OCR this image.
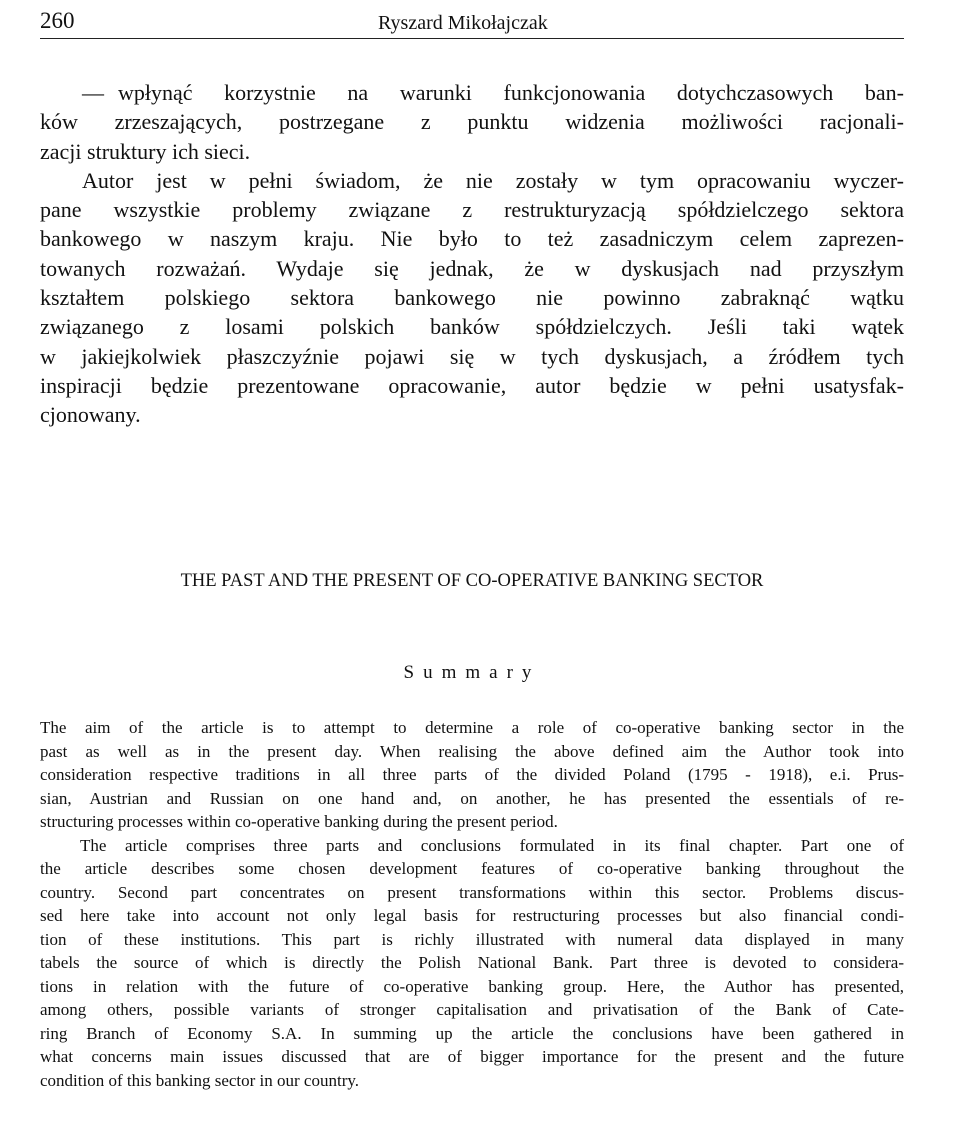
260	Ryszard Mikołajczak
— wpłynąć korzystnie na warunki funkcjonowania dotychczasowych ban-
ków zrzeszających, postrzegane z punktu widzenia możliwości racjonali-
zacji struktury ich sieci.
Autor jest w pełni świadom, że nie zostały w tym opracowaniu wyczer-
pane wszystkie problemy związane z restrukturyzacją spółdzielczego sektora
bankowego w naszym kraju. Nie było to też zasadniczym celem zaprezen-
towanych rozważań. Wydaje się jednak, że w dyskusjach nad przyszłym
kształtem polskiego sektora bankowego nie powinno zabraknąć wątku
związanego z losami polskich banków spółdzielczych. Jeśli taki wątek
w jakiejkolwiek płaszczyźnie pojawi się w tych dyskusjach, a źródłem tych
inspiracji będzie prezentowane opracowanie, autor będzie w pełni usatysfak-
cjonowany.
THE PAST AND THE PRESENT OF CO-OPERATIVE BANKING SECTOR
Summary
The aim of the article is to attempt to determine a role of co-operative banking sector in the
past as well as in the present day. When realising the above defined aim the Author took into
consideration respective traditions in all three parts of the divided Poland (1795 - 1918), e.i. Prus-
sian, Austrian and Russian on one hand and, on another, he has presented the essentials of re-
structuring processes within co-operative banking during the present period.
The article comprises three parts and conclusions formulated in its final chapter. Part one of
the article describes some chosen development features of co-operative banking throughout the
country. Second part concentrates on present transformations within this sector. Problems discus-
sed here take into account not only legal basis for restructuring processes but also financial condi-
tion of these institutions. This part is richly illustrated with numeral data displayed in many
tabels the source of which is directly the Polish National Bank. Part three is devoted to considera-
tions in relation with the future of co-operative banking group. Here, the Author has presented,
among others, possible variants of stronger capitalisation and privatisation of the Bank of Cate-
ring Branch of Economy S.A. In summing up the article the conclusions have been gathered in
what concerns main issues discussed that are of bigger importance for the present and the future
condition of this banking sector in our country.
